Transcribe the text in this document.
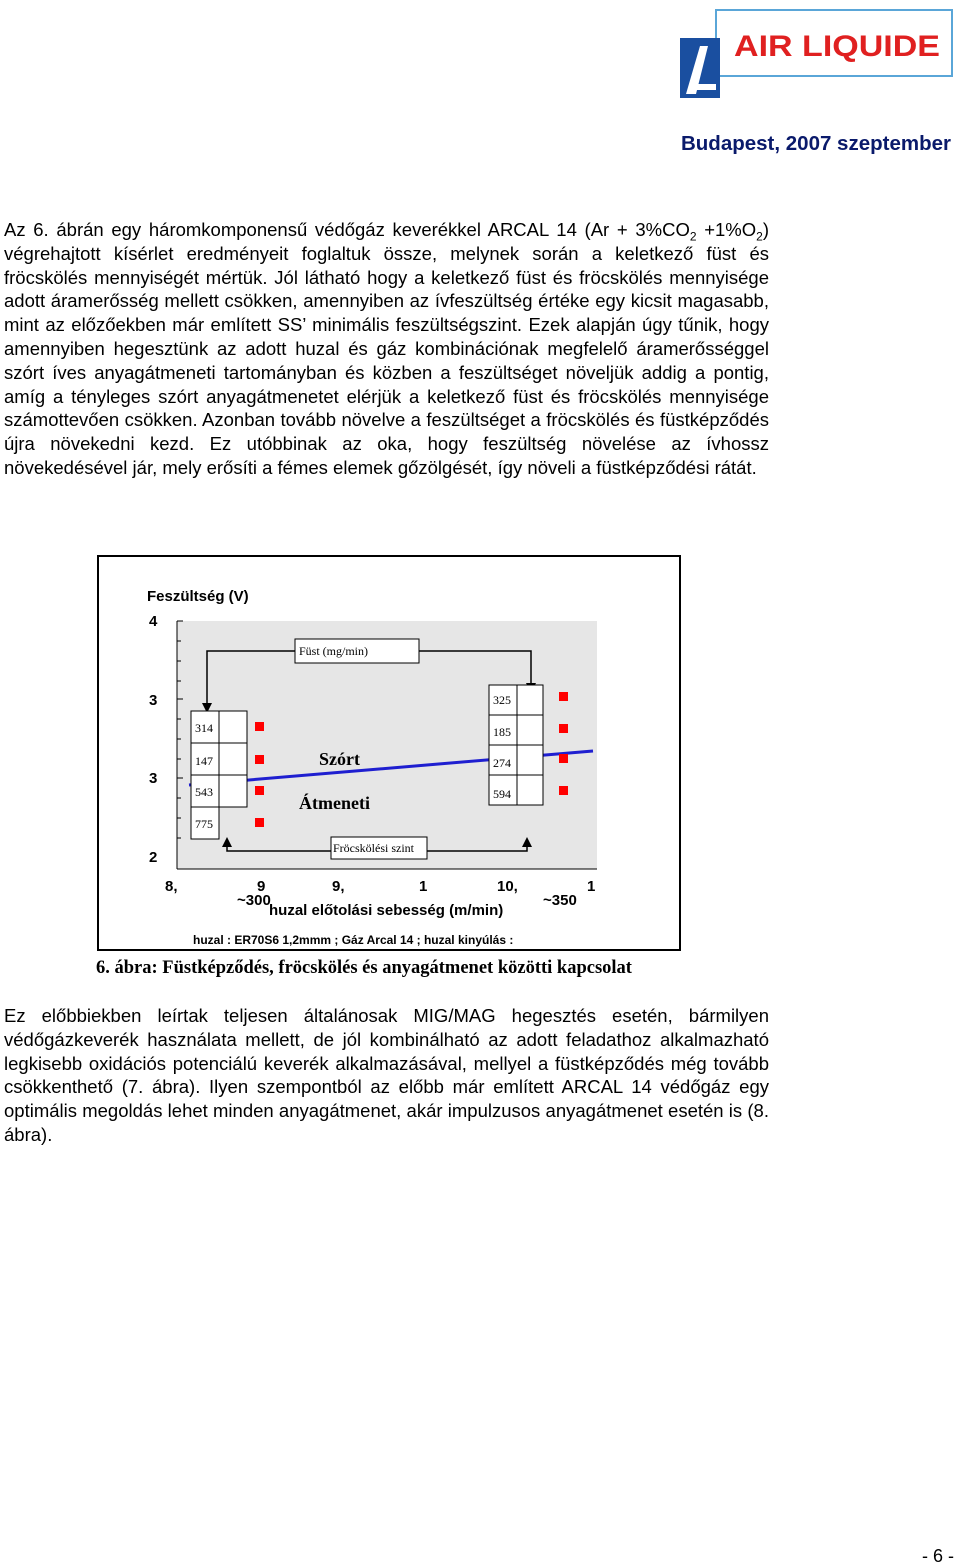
AIR LIQUIDE
Budapest, 2007 szeptember

Az 6. ábrán egy háromkomponensű védőgáz keverékkel ARCAL 14 $(Ar + 3\%CO_2 +1\%O_2)$ végrehajtott kísérlet eredményeit foglaltuk össze, melynek során a keletkező füst és fröcskölés mennyiségét mértük. Jól látható hogy a keletkező füst és fröcskölés mennyisége adott áramerősség mellett csökken, amennyiben az ívfeszültség értéke egy kicsit magasabb, mint az előzőekben már említett SS’ minimális feszültségszint. Ezek alapján úgy tűnik, hogy amennyiben hegesztünk az adott huzal és gáz kombinációnak megfelelő áramerősséggel szórt íves anyagátmeneti tartományban és közben a feszültséget növeljük addig a pontig, amíg a tényleges szórt anyagátmenetet elérjük a keletkező füst és fröcskölés mennyisége számottevően csökken. Azonban tovább növelve a feszültséget a fröcskölés és füstképződés újra növekedni kezd. Ez utóbbinak az oka, hogy feszültség növelése az ívhossz növekedésével jár, mely erősíti a fémes elemek gőzölgését, így növeli a füstképződési rátát.

Feszültség (V)
4
3
3
2
8,	9	9,	1	10,	1
~300	~350
huzal előtolási sebesség (m/min)
huzal : ER70S6 1,2mmm ; Gáz Arcal 14 ; huzal kinyúlás :
Füst (mg/min)
314
147
543
775
325
185
274
594
Szórt
Átmeneti
Fröcskölési szint
6. ábra: Füstképződés, fröcskölés és anyagátmenet közötti kapcsolat

Ez előbbiekben leírtak teljesen általánosak MIG/MAG hegesztés esetén, bármilyen védőgázkeverék használata mellett, de jól kombinálható az adott feladathoz alkalmazható legkisebb oxidációs potenciálú keverék alkalmazásával, mellyel a füstképződés még tovább csökkenthető (7. ábra). Ilyen szempontból az előbb már említett ARCAL 14 védőgáz egy optimális megoldás lehet minden anyagátmenet, akár impulzusos anyagátmenet esetén is (8. ábra).

- 6 -
